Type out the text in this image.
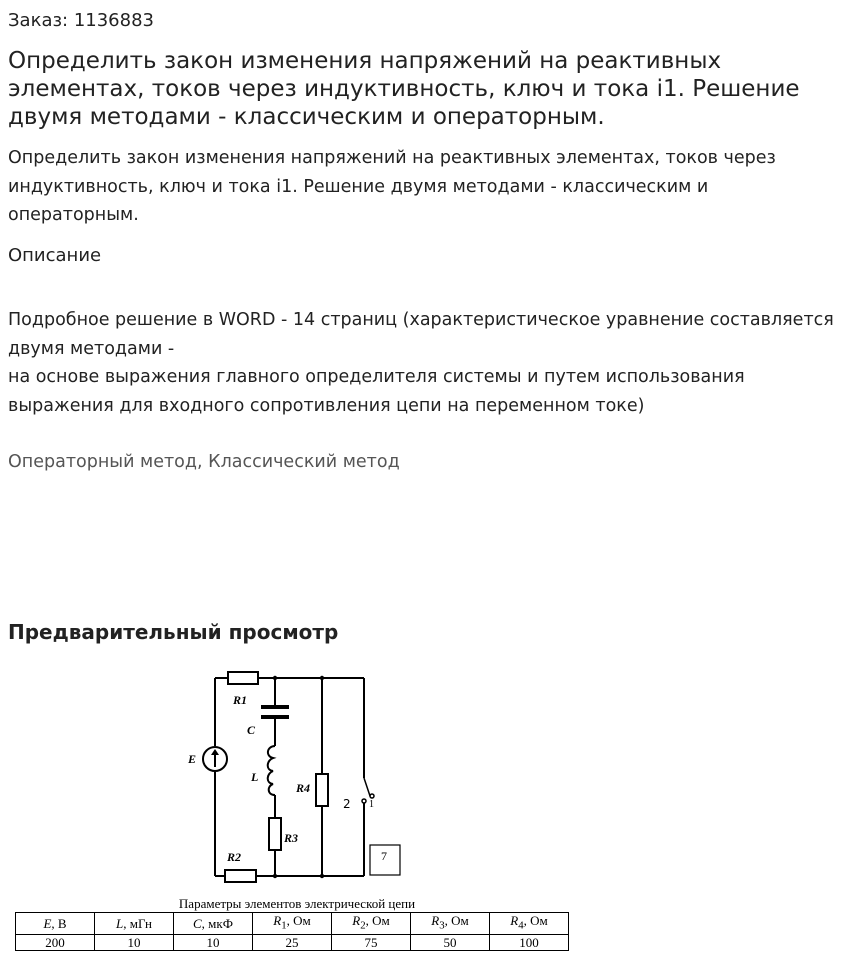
Заказ: 1136883
Определить закон изменения напряжений на реактивных элементах, токов через индуктивность, ключ и тока i1. Решение двумя методами - классическим и операторным.
Определить закон изменения напряжений на реактивных элементах, токов через индуктивность, ключ и тока i1. Решение двумя методами - классическим и операторным.
Описание
Подробное решение в WORD - 14 страниц (характеристическое уравнение составляется двумя методами -
на основе выражения главного определителя системы и путем использования выражения для входного сопротивления цепи на переменном токе)
Операторный метод, Классический метод
Предварительный просмотр
R1
C
E
L
R4
R3
R2
2 1
7
Параметры элементов электрической цепи
E, В	L, мГн	C, мкФ	$R_1$, Ом	$R_2$, Ом	$R_3$, Ом	$R_4$, Ом
200	10	10	25	75	50	100
